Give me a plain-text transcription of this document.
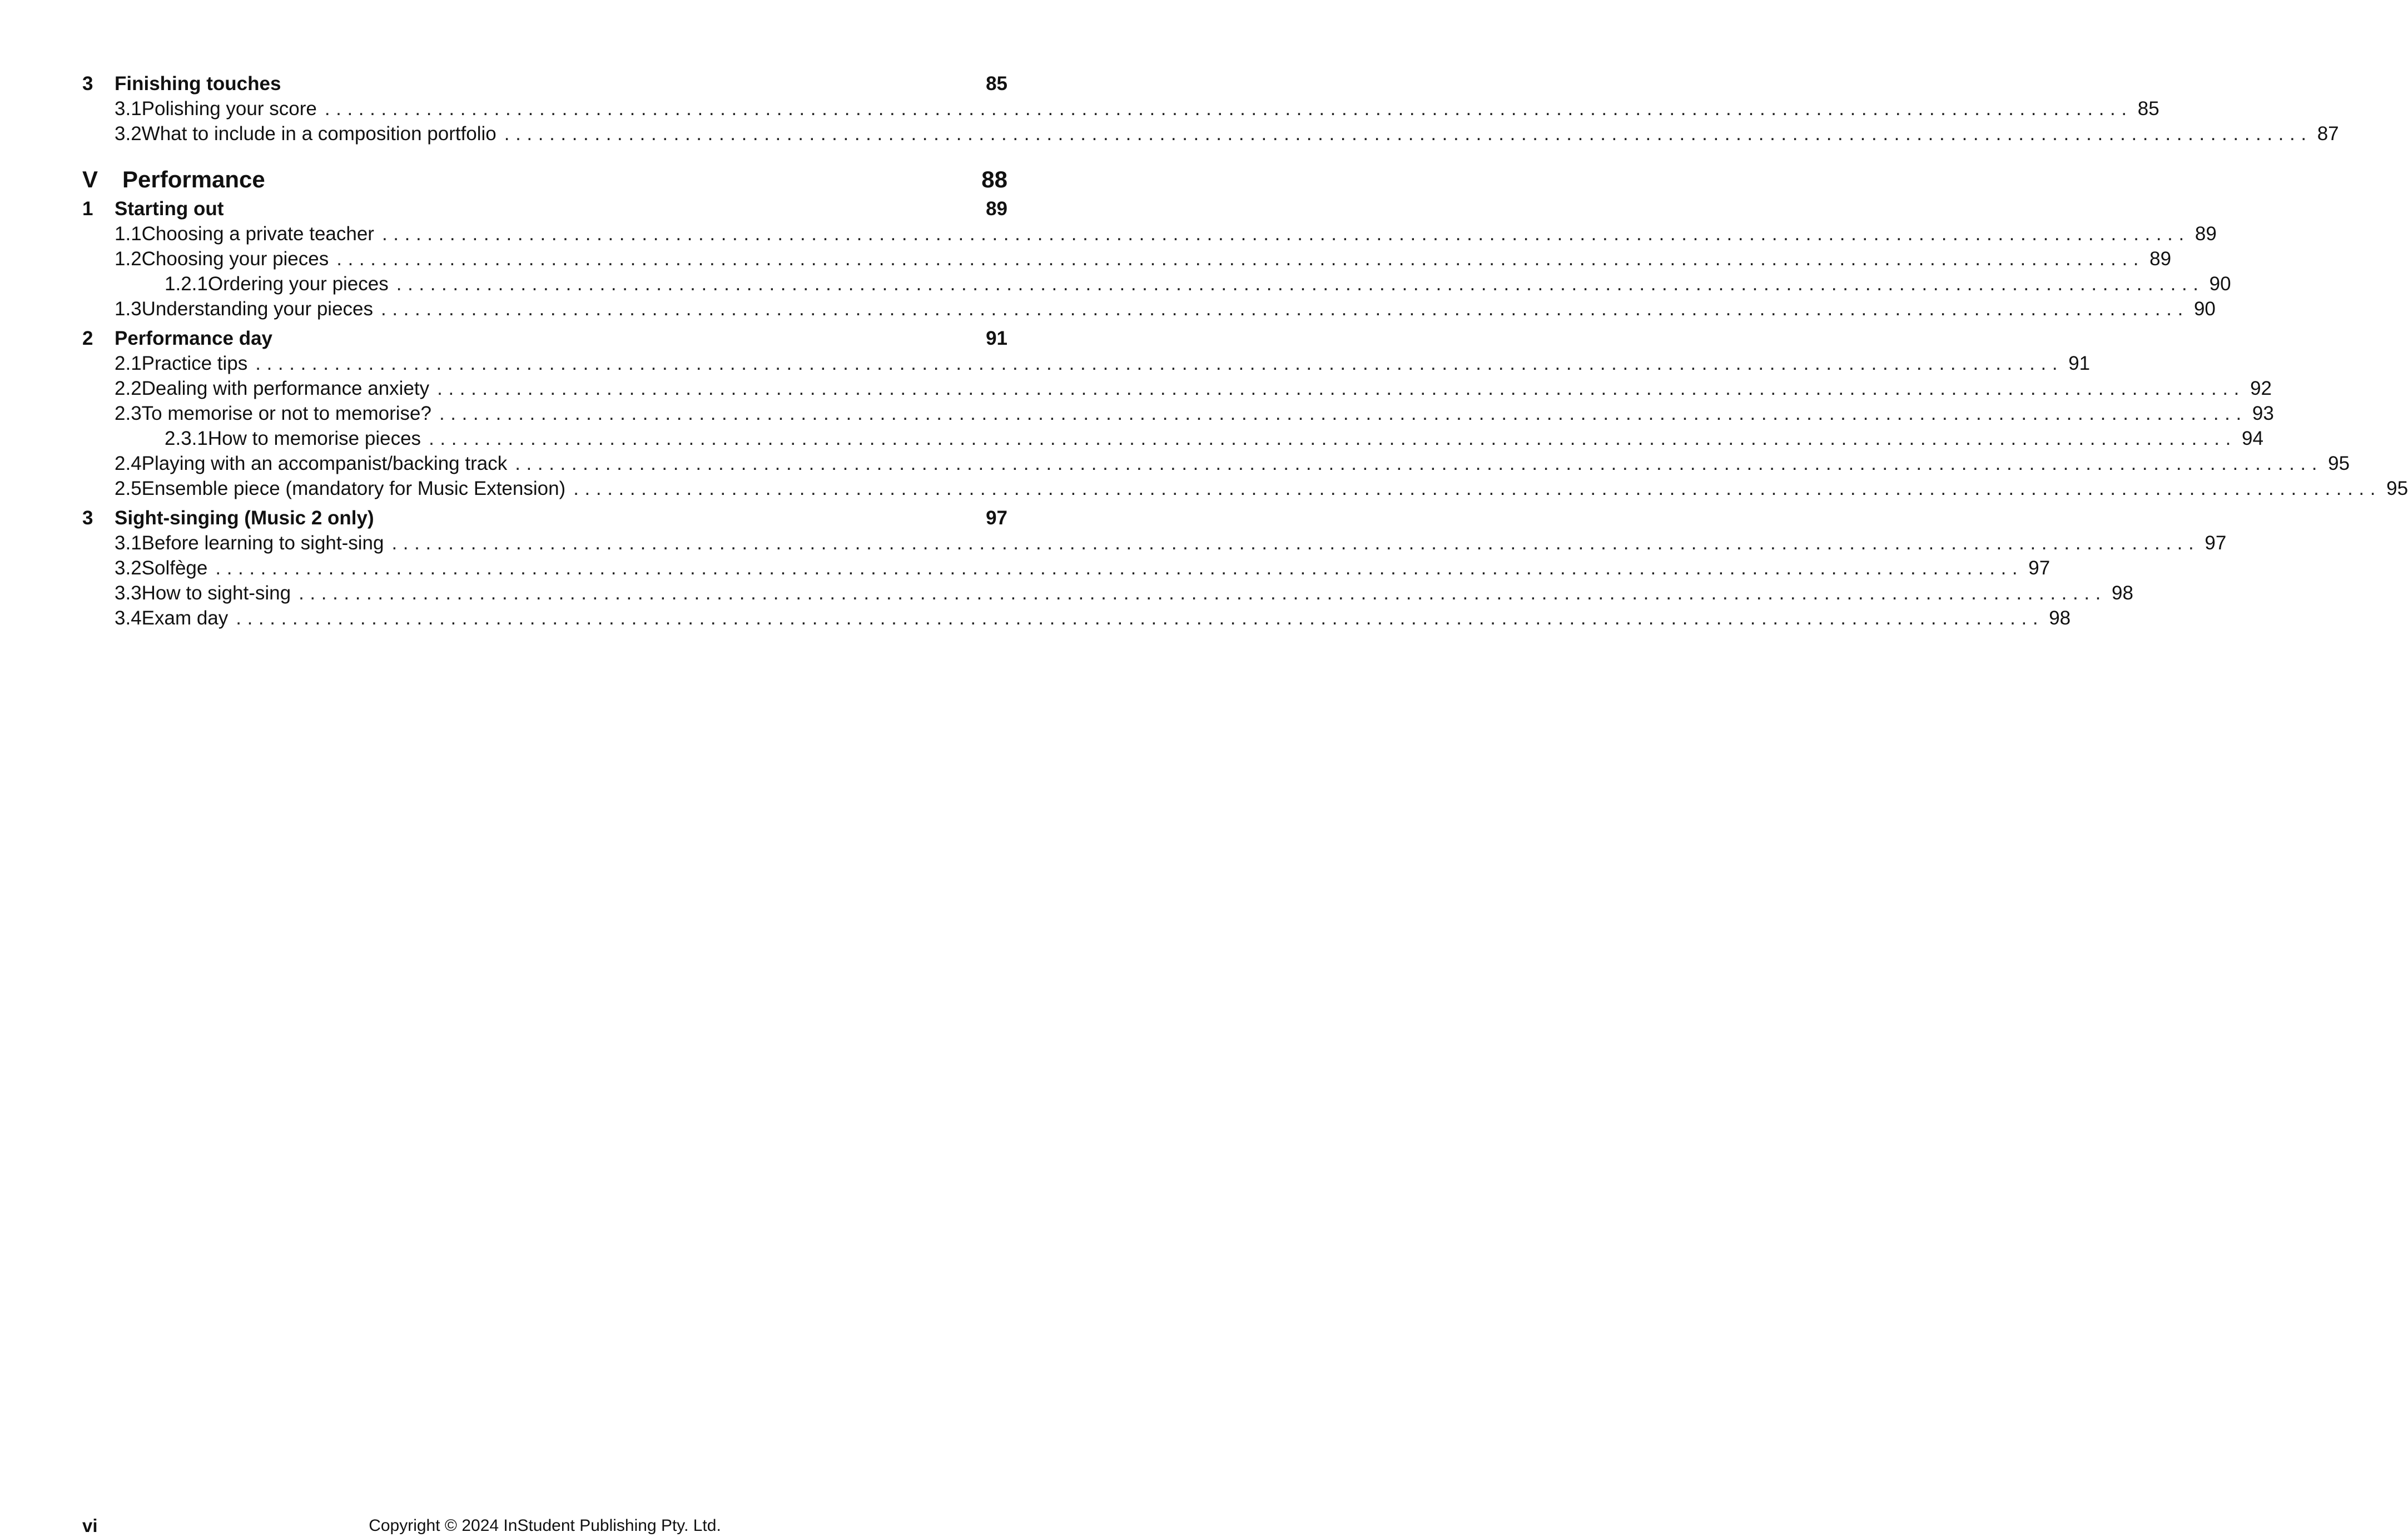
3	Finishing touches	85
3.1 Polishing your score ................................................................................................................................................................ 85
3.2 What to include in a composition portfolio ................................................................................................................................................................ 87
V	Performance	88
1	Starting out	89
1.1 Choosing a private teacher ................................................................................................................................................................ 89
1.2 Choosing your pieces ................................................................................................................................................................ 89
1.2.1 Ordering your pieces ................................................................................................................................................................ 90
1.3 Understanding your pieces ................................................................................................................................................................ 90
2	Performance day	91
2.1 Practice tips ................................................................................................................................................................ 91
2.2 Dealing with performance anxiety ................................................................................................................................................................ 92
2.3 To memorise or not to memorise? ................................................................................................................................................................ 93
2.3.1 How to memorise pieces ................................................................................................................................................................ 94
2.4 Playing with an accompanist/backing track ................................................................................................................................................................ 95
2.5 Ensemble piece (mandatory for Music Extension) ................................................................................................................................................................ 95
3	Sight-singing (Music 2 only)	97
3.1 Before learning to sight-sing ................................................................................................................................................................ 97
3.2 Solfège ................................................................................................................................................................ 97
3.3 How to sight-sing ................................................................................................................................................................ 98
3.4 Exam day ................................................................................................................................................................ 98
vi	Copyright © 2024 InStudent Publishing Pty. Ltd.
